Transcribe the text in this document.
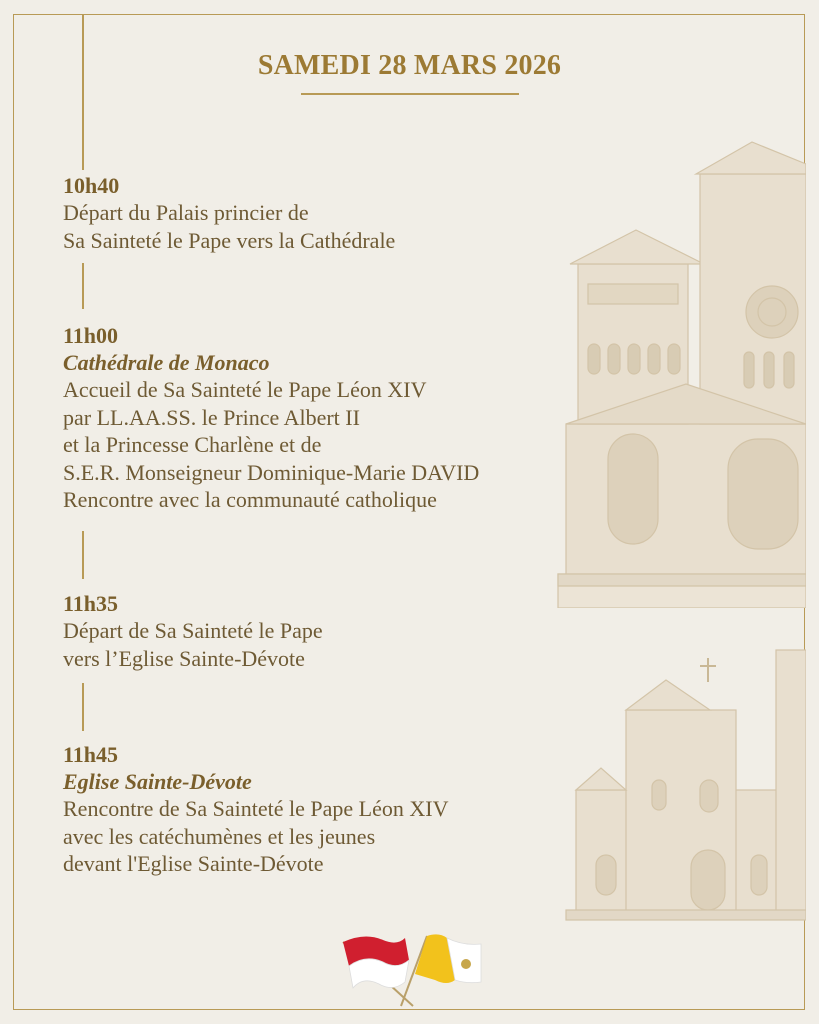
SAMEDI 28 MARS 2026
10h40
Départ du Palais princier de
Sa Sainteté le Pape vers la Cathédrale
11h00
Cathédrale de Monaco
Accueil de Sa Sainteté le Pape Léon XIV
par LL.AA.SS. le Prince Albert II
et la Princesse Charlène et de
S.E.R. Monseigneur Dominique-Marie DAVID
Rencontre avec la communauté catholique
11h35
Départ de Sa Sainteté le Pape
vers l’Eglise Sainte-Dévote
11h45
Eglise Sainte-Dévote
Rencontre de Sa Sainteté le Pape Léon XIV
avec les catéchumènes et les jeunes
devant l'Eglise Sainte-Dévote
